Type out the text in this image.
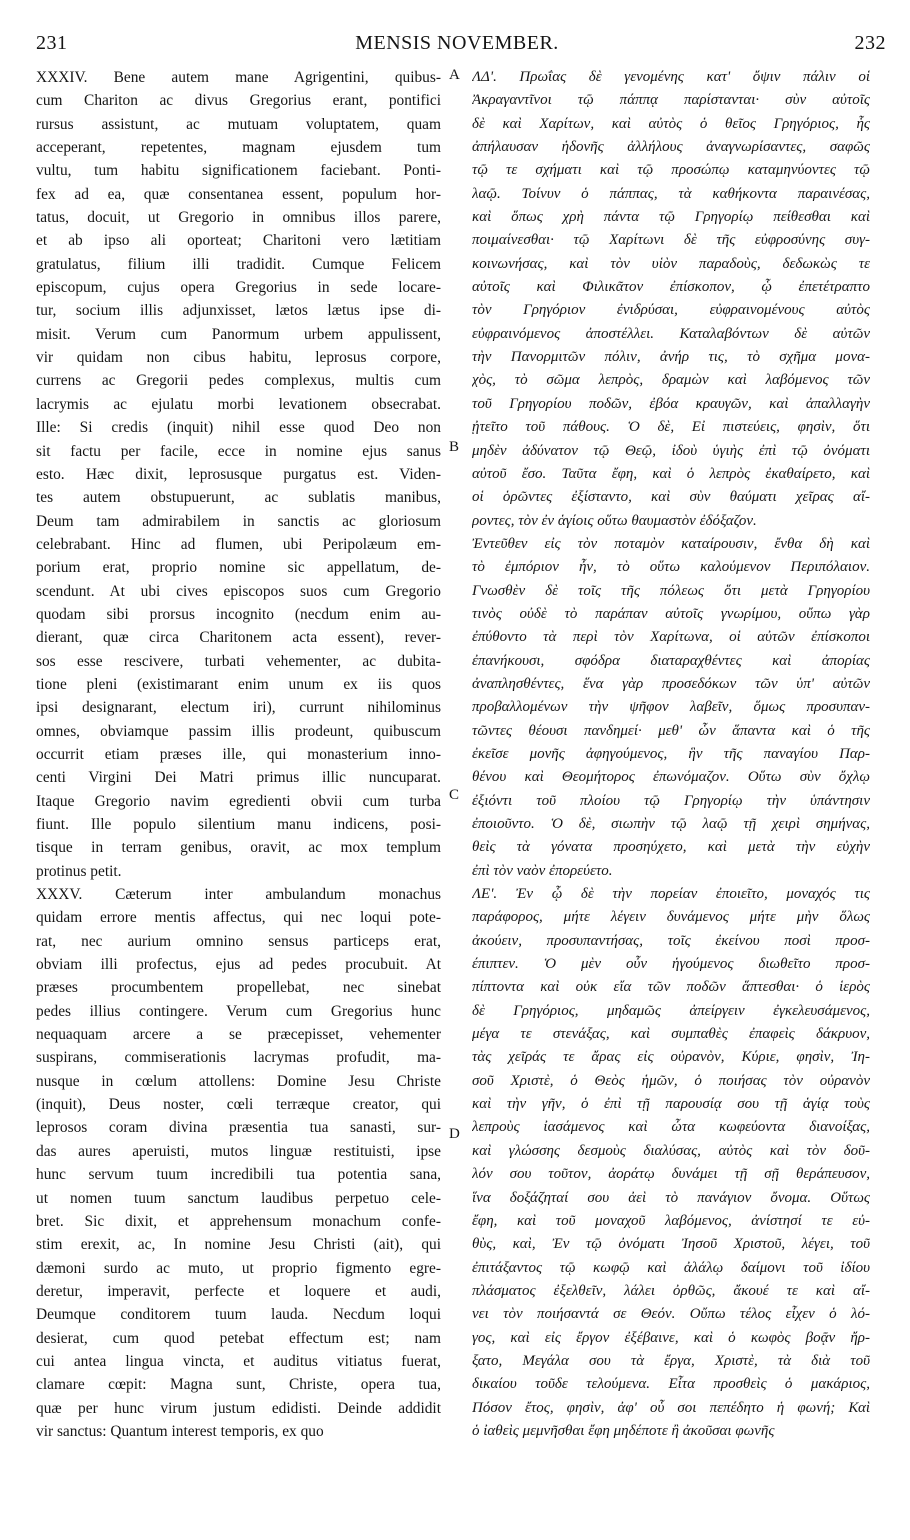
231	MENSIS NOVEMBER.	232
XXXIV. Bene autem mane Agrigentini, quibus-
cum Chariton ac divus Gregorius erant, pontifici
rursus assistunt, ac mutuam voluptatem, quam
acceperant, repetentes, magnam ejusdem tum
vultu, tum habitu significationem faciebant. Ponti-
fex ad ea, quæ consentanea essent, populum hor-
tatus, docuit, ut Gregorio in omnibus illos parere,
et ab ipso ali oporteat; Charitoni vero lætitiam
gratulatus, filium illi tradidit. Cumque Felicem
episcopum, cujus opera Gregorius in sede locare-
tur, socium illis adjunxisset, lætos lætus ipse di-
misit. Verum cum Panormum urbem appulissent,
vir quidam non cibus habitu, leprosus corpore,
currens ac Gregorii pedes complexus, multis cum
lacrymis ac ejulatu morbi levationem obsecrabat.
Ille: Si credis (inquit) nihil esse quod Deo non
sit factu per facile, ecce in nomine ejus sanus
esto. Hæc dixit, leprosusque purgatus est. Viden-
tes autem obstupuerunt, ac sublatis manibus,
Deum tam admirabilem in sanctis ac gloriosum
celebrabant. Hinc ad flumen, ubi Peripolæum em-
porium erat, proprio nomine sic appellatum, de-
scendunt. At ubi cives episcopos suos cum Gregorio
quodam sibi prorsus incognito (necdum enim au-
dierant, quæ circa Charitonem acta essent), rever-
sos esse rescivere, turbati vehementer, ac dubita-
tione pleni (existimarant enim unum ex iis quos
ipsi designarant, electum iri), currunt nihilominus
omnes, obviamque passim illis prodeunt, quibuscum
occurrit etiam præses ille, qui monasterium inno-
centi Virgini Dei Matri primus illic nuncuparat.
Itaque Gregorio navim egredienti obvii cum turba
fiunt. Ille populo silentium manu indicens, posi-
tisque in terram genibus, oravit, ac mox templum
protinus petit.
XXXV. Cæterum inter ambulandum monachus
quidam errore mentis affectus, qui nec loqui pote-
rat, nec aurium omnino sensus particeps erat,
obviam illi profectus, ejus ad pedes procubuit. At
præses procumbentem propellebat, nec sinebat
pedes illius contingere. Verum cum Gregorius hunc
nequaquam arcere a se præcepisset, vehementer
suspirans, commiserationis lacrymas profudit, ma-
nusque in cœlum attollens: Domine Jesu Christe
(inquit), Deus noster, cœli terræque creator, qui
leprosos coram divina præsentia tua sanasti, sur-
das aures aperuisti, mutos linguæ restituisti, ipse
hunc servum tuum incredibili tua potentia sana,
ut nomen tuum sanctum laudibus perpetuo cele-
bret. Sic dixit, et apprehensum monachum confe-
stim erexit, ac, In nomine Jesu Christi (ait), qui
dæmoni surdo ac muto, ut proprio figmento egre-
deretur, imperavit, perfecte et loquere et audi,
Deumque conditorem tuum lauda. Necdum loqui
desierat, cum quod petebat effectum est; nam
cui antea lingua vincta, et auditus vitiatus fuerat,
clamare cœpit: Magna sunt, Christe, opera tua,
quæ per hunc virum justum edidisti. Deinde addidit
vir sanctus: Quantum interest temporis, ex quo
ΛΔ'. Πρωΐας δὲ γενομένης κατ' ὄψιν πάλιν οἱ
Ἀκραγαντῖνοι τῷ πάππᾳ παρίστανται· σὺν αὐτοῖς
δὲ καὶ Χαρίτων, καὶ αὐτὸς ὁ θεῖος Γρηγόριος, ἧς
ἀπήλαυσαν ἡδονῆς ἀλλήλους ἀναγνωρίσαντες, σαφῶς
τῷ τε σχήματι καὶ τῷ προσώπῳ καταμηνύοντες τῷ
λαῷ. Τοίνυν ὁ πάππας, τὰ καθήκοντα παραινέσας,
καὶ ὅπως χρὴ πάντα τῷ Γρηγορίῳ πείθεσθαι καὶ
ποιμαίνεσθαι· τῷ Χαρίτωνι δὲ τῆς εὐφροσύνης συγ-
κοινωνήσας, καὶ τὸν υἱὸν παραδοὺς, δεδωκὼς τε
αὐτοῖς καὶ Φιλικᾶτον ἐπίσκοπον, ᾧ ἐπετέτραπτο
τὸν Γρηγόριον ἐνιδρύσαι, εὐφραινομένους αὐτὸς
εὐφραινόμενος ἀποστέλλει. Καταλαβόντων δὲ αὐτῶν
τὴν Πανορμιτῶν πόλιν, ἀνήρ τις, τὸ σχῆμα μονα-
χὸς, τὸ σῶμα λεπρὸς, δραμὼν καὶ λαβόμενος τῶν
τοῦ Γρηγορίου ποδῶν, ἐβόα κραυγῶν, καὶ ἀπαλλαγὴν
ᾐτεῖτο τοῦ πάθους. Ὁ δὲ, Εἰ πιστεύεις, φησὶν, ὅτι
μηδὲν ἀδύνατον τῷ Θεῷ, ἰδοὺ ὑγιὴς ἐπὶ τῷ ὀνόματι
αὐτοῦ ἔσο. Ταῦτα ἔφη, καὶ ὁ λεπρὸς ἐκαθαίρετο, καὶ
οἱ ὁρῶντες ἐξίσταντο, καὶ σὺν θαύματι χεῖρας αἴ-
ροντες, τὸν ἐν ἁγίοις οὕτω θαυμαστὸν ἐδόξαζον.
Ἐντεῦθεν εἰς τὸν ποταμὸν καταίρουσιν, ἔνθα δὴ καὶ
τὸ ἐμπόριον ἦν, τὸ οὕτω καλούμενον Περιπόλαιον.
Γνωσθὲν δὲ τοῖς τῆς πόλεως ὅτι μετὰ Γρηγορίου
τινὸς οὐδὲ τὸ παράπαν αὐτοῖς γνωρίμου, οὔπω γὰρ
ἐπύθοντο τὰ περὶ τὸν Χαρίτωνα, οἱ αὐτῶν ἐπίσκοποι
ἐπανήκουσι, σφόδρα διαταραχθέντες καὶ ἀπορίας
ἀναπλησθέντες, ἕνα γὰρ προσεδόκων τῶν ὑπ' αὐτῶν
προβαλλομένων τὴν ψῆφον λαβεῖν, ὅμως προσυπαν-
τῶντες θέουσι πανδημεί· μεθ' ὧν ἅπαντα καὶ ὁ τῆς
ἐκεῖσε μονῆς ἀφηγούμενος, ἣν τῆς παναγίου Παρ-
θένου καὶ Θεομήτορος ἐπωνόμαζον. Οὕτω σὺν ὄχλῳ
ἐξιόντι τοῦ πλοίου τῷ Γρηγορίῳ τὴν ὑπάντησιν
ἐποιοῦντο. Ὁ δὲ, σιωπὴν τῷ λαῷ τῇ χειρὶ σημήνας,
θεὶς τὰ γόνατα προσηύχετο, καὶ μετὰ τὴν εὐχὴν
ἐπὶ τὸν ναὸν ἐπορεύετο.
ΛΕ'. Ἐν ᾧ δὲ τὴν πορείαν ἐποιεῖτο, μοναχός τις
παράφορος, μήτε λέγειν δυνάμενος μήτε μὴν ὅλως
ἀκούειν, προσυπαντήσας, τοῖς ἐκείνου ποσὶ προσ-
έπιπτεν. Ὁ μὲν οὖν ἡγούμενος διωθεῖτο προσ-
πίπτοντα καὶ οὐκ εἴα τῶν ποδῶν ἅπτεσθαι· ὁ ἱερὸς
δὲ Γρηγόριος, μηδαμῶς ἀπείργειν ἐγκελευσάμενος,
μέγα τε στενάξας, καὶ συμπαθὲς ἐπαφεὶς δάκρυον,
τὰς χεῖράς τε ἄρας εἰς οὐρανὸν, Κύριε, φησὶν, Ἰη-
σοῦ Χριστὲ, ὁ Θεὸς ἡμῶν, ὁ ποιήσας τὸν οὐρανὸν
καὶ τὴν γῆν, ὁ ἐπὶ τῇ παρουσίᾳ σου τῇ ἁγίᾳ τοὺς
λεπροὺς ἰασάμενος καὶ ὦτα κωφεύοντα διανοίξας,
καὶ γλώσσης δεσμοὺς διαλύσας, αὐτὸς καὶ τὸν δοῦ-
λόν σου τοῦτον, ἀοράτῳ δυνάμει τῇ σῇ θεράπευσον,
ἵνα δοξάζηταί σου ἀεὶ τὸ πανάγιον ὄνομα. Οὕτως
ἔφη, καὶ τοῦ μοναχοῦ λαβόμενος, ἀνίστησί τε εὐ-
θὺς, καὶ, Ἐν τῷ ὀνόματι Ἰησοῦ Χριστοῦ, λέγει, τοῦ
ἐπιτάξαντος τῷ κωφῷ καὶ ἀλάλῳ δαίμονι τοῦ ἰδίου
πλάσματος ἐξελθεῖν, λάλει ὀρθῶς, ἄκουέ τε καὶ αἴ-
νει τὸν ποιήσαντά σε Θεόν. Οὔπω τέλος εἶχεν ὁ λό-
γος, καὶ εἰς ἔργον ἐξέβαινε, καὶ ὁ κωφὸς βοᾷν ἤρ-
ξατο, Μεγάλα σου τὰ ἔργα, Χριστὲ, τὰ διὰ τοῦ
δικαίου τοῦδε τελούμενα. Εἶτα προσθεὶς ὁ μακάριος,
Πόσον ἔτος, φησὶν, ἀφ' οὗ σοι πεπέδητο ἡ φωνή; Καὶ
ὁ ἰαθεὶς μεμνῆσθαι ἔφη μηδέποτε ἢ ἀκοῦσαι φωνῆς
A
B
C
D
